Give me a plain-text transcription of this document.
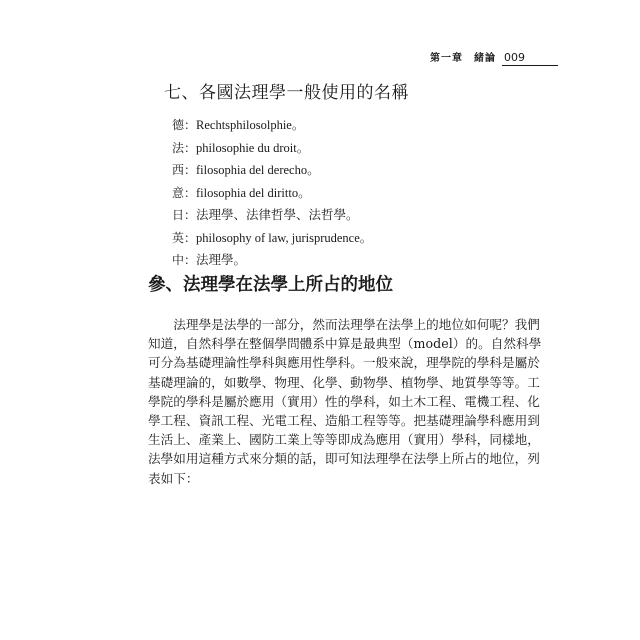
第一章　緒論 009
七、各國法理學一般使用的名稱
德：Rechtsphilosolphie。
法：philosophie du droit。
西：filosophia del derecho。
意：filosophia del diritto。
日：法理學、法律哲學、法哲學。
英：philosophy of law, jurisprudence。
中：法理學。
參、法理學在法學上所占的地位
　　法理學是法學的一部分，然而法理學在法學上的地位如何呢？我們
知道，自然科學在整個學問體系中算是最典型（model）的。自然科學
可分為基礎理論性學科與應用性學科。一般來說，理學院的學科是屬於
基礎理論的，如數學、物理、化學、動物學、植物學、地質學等等。工
學院的學科是屬於應用（實用）性的學科，如土木工程、電機工程、化
學工程、資訊工程、光電工程、造船工程等等。把基礎理論學科應用到
生活上、產業上、國防工業上等等即成為應用（實用）學科，同樣地，
法學如用這種方式來分類的話，即可知法理學在法學上所占的地位，列
表如下：
